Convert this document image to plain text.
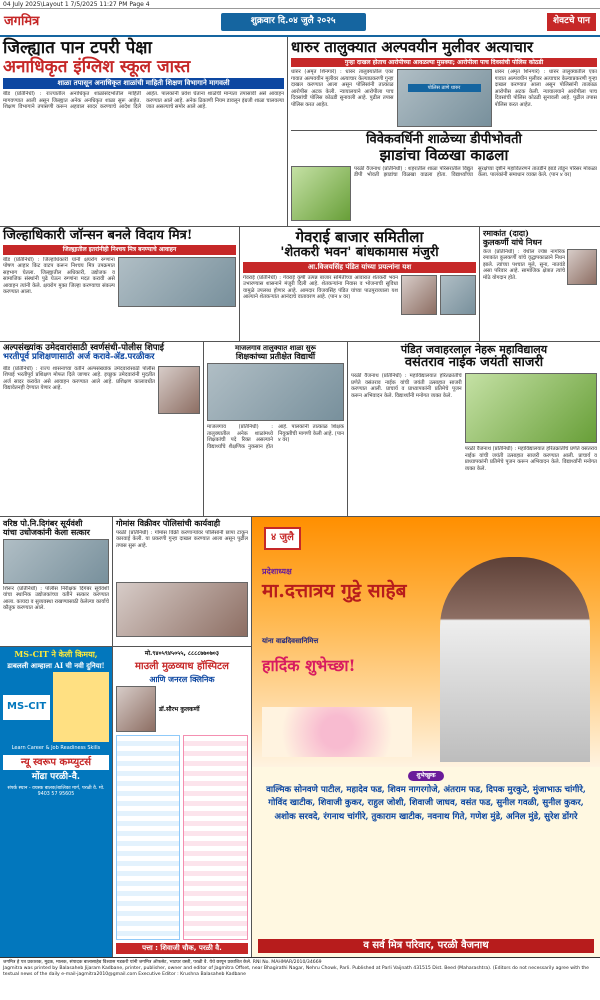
04 July 2025\Layout 1 7/5/2025 11:27 PM Page 4
जगमित्र	शुक्रवार दि.०४ जुलै २०२५	शेवटचे पान
जिल्ह्यात पान टपरी पेक्षा
अनाधिकृत इंग्लिश स्कूल जास्त
शाळा तपासून अनाधिकृत शाळांची माहिती शिक्षण विभागाने मागवली
बीड (प्रतिनिधी) : राज्यातील अनाधिकृत शाळांसंदर्भातील माहिती मागवण्यात आली असून जिल्ह्यात अनेक अनधिकृत शाळा सुरू आहेत. शिक्षण विभागाने तपासणी करून अहवाल सादर करण्याचे आदेश दिले आहेत. पालकांनी प्रवेश घेताना शाळेची मान्यता तपासावी असे आवाहन करण्यात आले आहे. अनेक ठिकाणी नियम डावलून इंग्रजी शाळा चालवल्या जात असल्याचे समोर आले आहे.
धारुर तालुक्यात अल्पवयीन मुलीवर अत्याचार
गुन्हा दाखल होताच आरोपीच्या आवळल्या मुसक्या; आरोपीला पाच दिवसांची पोलिस कोठडी
धारुर (अमृत शिनगारे) : धारुर तालुक्यातील एका गावात अल्पवयीन मुलीवर अत्याचार केल्याप्रकरणी गुन्हा दाखल करण्यात आला असून पोलिसांनी तात्काळ आरोपीस अटक केली. न्यायालयाने आरोपीला पाच दिवसांची पोलिस कोठडी सुनावली आहे. पुढील तपास पोलिस करत आहेत.
पोलिस ठाणे धारुर
धारुर (अमृत शिनगारे) : धारुर तालुक्यातील एका गावात अल्पवयीन मुलीवर अत्याचार केल्याप्रकरणी गुन्हा दाखल करण्यात आला असून पोलिसांनी तात्काळ आरोपीस अटक केली. न्यायालयाने आरोपीला पाच दिवसांची पोलिस कोठडी सुनावली आहे. पुढील तपास पोलिस करत आहेत.
विवेकवर्धिनी शाळेच्या डीपीभोवती
झाडांचा विळखा काढला
परळी वैजनाथ (प्रतिनिधी) : शहरातील शाळा परिसरातील विद्युत डीपी भोवती झाडांचा विळखा वाढला होता. विद्यार्थ्यांच्या सुरक्षेच्या दृष्टीने महावितरणने तातडीने झाडे तोडून परिसर मोकळा केला. पालकांनी समाधान व्यक्त केले. (पान ४ वर)
जिल्हाधिकारी जॉन्सन बनले विदाय मित्र!
जिल्ह्यातील इतरांनीही निश्चय मित्र बनण्याचे आवाहन
बीड (प्रतिनिधी) : जिल्हाधिकारी यांनी क्षयरोग रुग्णांना पोषण आहार किट वाटप करून निश्चय मित्र उपक्रमात सहभाग घेतला. जिल्ह्यातील अधिकारी, उद्योजक व सामाजिक संस्थांनी पुढे येऊन रुग्णांना मदत करावी असे आवाहन त्यांनी केले. क्षयरोग मुक्त जिल्हा करण्याचा संकल्प करण्यात आला.
गेवराई बाजार समितीला
'शेतकरी भवन' बांधकामास मंजुरी
आ.विजयसिंह पंडित यांच्या प्रयत्नांना यश
गेवराई (प्रतिनिधी) : गेवराई कृषी उत्पन्न बाजार समितीच्या आवारात शेतकरी भवन उभारण्यास शासनाने मंजुरी दिली आहे. शेतकऱ्यांना निवास व भोजनाची सुविधा यामुळे उपलब्ध होणार आहे. आमदार विजयसिंह पंडित यांच्या पाठपुराव्याला यश आल्याने शेतकऱ्यांत आनंदाचे वातावरण आहे. (पान ४ वर)
रमाकांत (दादा)
कुलकर्णी यांचे निधन
केज (प्रतिनिधी) : येथील ज्येष्ठ नागरिक रमाकांत कुलकर्णी यांचे वृद्धापकाळाने निधन झाले. त्यांच्या पश्चात मुले, सुना, नातवंडे असा परिवार आहे. सामाजिक क्षेत्रात त्यांचे मोठे योगदान होते.
अल्पसंख्यांक उमेदवारांसाठी स्वर्णसंधी-पोलीस शिपाई
भरतीपूर्व प्रशिक्षणासाठी अर्ज करावे-ॲड.परळीकर
बीड (प्रतिनिधी) : राज्य शासनाच्या वतीने अल्पसंख्यांक उमेदवारांसाठी पोलीस शिपाई भरतीपूर्व प्रशिक्षण मोफत दिले जाणार आहे. इच्छुक उमेदवारांनी मुदतीत अर्ज सादर करावेत असे आवाहन करण्यात आले आहे. प्रशिक्षण कालावधीत विद्यावेतनही देण्यात येणार आहे.
माजलगाव तालुक्यात शाळा सुरू
शिक्षकांच्या प्रतीक्षेत विद्यार्थी
माजलगाव (प्रतिनिधी) : तालुक्यातील अनेक शाळांमध्ये शिक्षकांची पदे रिक्त असल्याने विद्यार्थ्यांचे शैक्षणिक नुकसान होत आहे. पालकांनी तात्काळ शिक्षक नियुक्तीची मागणी केली आहे. (पान ४ वर)
पंडित जवाहरलाल नेहरू महाविद्यालय
वसंतराव नाईक जयंती साजरी
परळी वैजनाथ (प्रतिनिधी) : महाविद्यालयात हरितक्रांतीचे प्रणेते वसंतराव नाईक यांची जयंती उत्साहात साजरी करण्यात आली. प्राचार्य व प्राध्यापकांनी प्रतिमेचे पूजन करून अभिवादन केले. विद्यार्थ्यांनी मनोगत व्यक्त केले.
परळी वैजनाथ (प्रतिनिधी) : महाविद्यालयात हरितक्रांतीचे प्रणेते वसंतराव नाईक यांची जयंती उत्साहात साजरी करण्यात आली. प्राचार्य व प्राध्यापकांनी प्रतिमेचे पूजन करून अभिवादन केले. विद्यार्थ्यांनी मनोगत व्यक्त केले.
वरिष्ठ पो.नि.दिगंबर सूर्यवंशी
यांचा उधोजकांनी केला सत्कार
शिरूर (प्रतिनिधी) : पोलीस निरीक्षक दिगंबर सूर्यवंशी यांचा स्थानिक उद्योजकांच्या वतीने सत्कार करण्यात आला. कायदा व सुव्यवस्था राखण्यासाठी केलेल्या कार्याचे कौतुक करण्यात आले.
गोमांस विक्रीवर पोलिसांची कार्यवाही
परळी (प्रतिनिधी) : गोमांस विक्री करणाऱ्यांवर पोलिसांनी छापा टाकून कारवाई केली. या प्रकरणी गुन्हा दाखल करण्यात आला असून पुढील तपास सुरू आहे.
MS-CIT ने केली किमया,
डाबलली आम्हाला AI ची नवी दुनिया!
MS-CIT
Learn Career & Job Readiness Skills
न्यू स्वरूप कम्प्युटर्स
मोंढा परळी-वै.
संपर्क स्थान - वयस्क बालक/बालिका मार्ग, परळी वै. मो. 9403 57 95605
मो.९४०५९४५०५५, ८८८८७७०७०३
माउली मुळव्याध हॉस्पिटल
आणि जनरल क्लिनिक
डॉ.सौरभ कुलकर्णी
पत्ता : शिवाजी चौक, परळी वै.
४ जुलै
प्रदेशाध्यक्ष
मा.दत्तात्रय गुट्टे साहेब
यांना वाढदिवसानिमित्त
हार्दिक शुभेच्छा!
शुभेच्छुक
वाल्मिक सोनवणे पाटील, महादेव फड, शिवम नागरगोजे, अंतराम फड, दिपक मुरकुटे, मुंजाभाऊ चांगीरे, गोविंद खाटीक, शिवाजी कुकर, राहुल जोशी, शिवाजी जाधव, वसंत फड, सुनील गवळी, सुनील कुकर, अशोक सरवदे, रंगनाथ चांगीरे, तुकाराम खाटीक, नवनाथ गिते, गणेश मुंडे, अनिल मुंडे, सुरेश डोंगरे
व सर्व मित्र परिवार, परळी वैजनाथ
जगमित्र हे पत्र प्रकाशक, मुद्रक, मालक, संपादक बालासाहेब विश्वास गडकरी यांनी जगमित्र ऑफसेट, भाटघर वस्ती, परळी वै. येथे छापून प्रकाशित केले. RNI No. MAHMAR/2010/34669
Jagmitra was printed by Balasaheb Jijaram Kadbane, printer, publisher, owner and editor of Jagmitra Offset, near Bhagirathi Nagar, Nehru Chowk, Parli. Published at Parli Vaijnath 431515 Dist. Beed (Maharashtra). (Editors do not necessarily agree with the textual news of the daily e-mail-jagmitra2010@gmail.com Executive Editor : Krushna Balasaheb Kadbane
